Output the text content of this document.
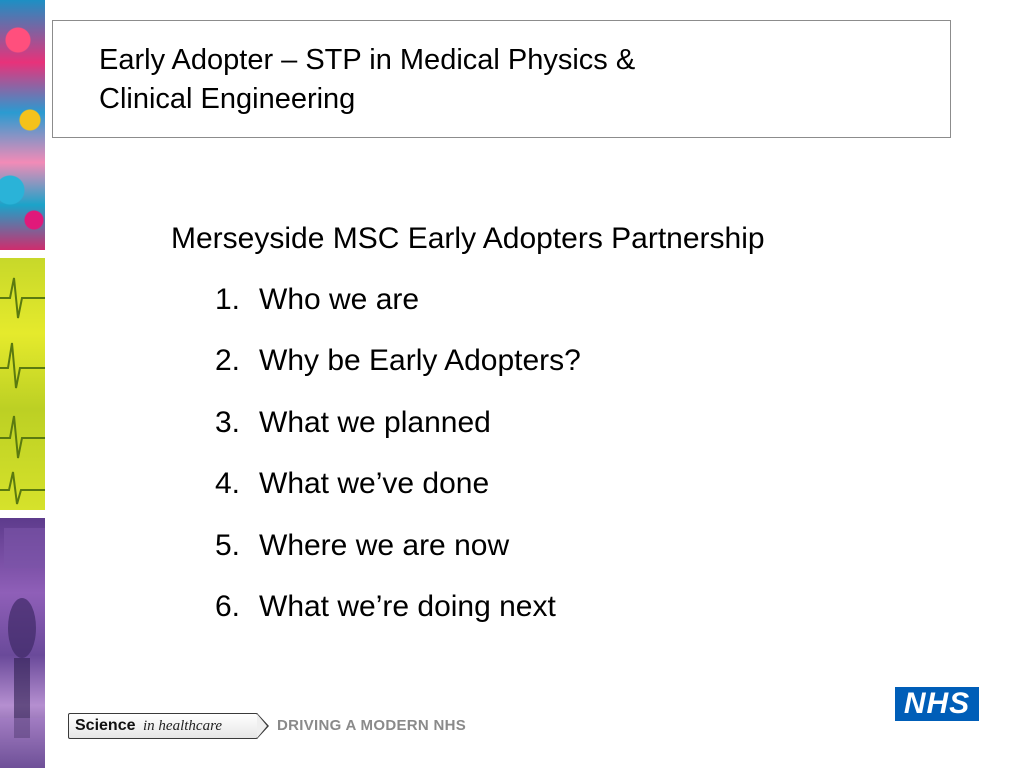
Early Adopter – STP in Medical Physics &
Clinical Engineering
Merseyside MSC Early Adopters Partnership
1. Who we are
2. Why be Early Adopters?
3. What we planned
4. What we’ve done
5. Where we are now
6. What we’re doing next
Science in healthcare	DRIVING A MODERN NHS
NHS
